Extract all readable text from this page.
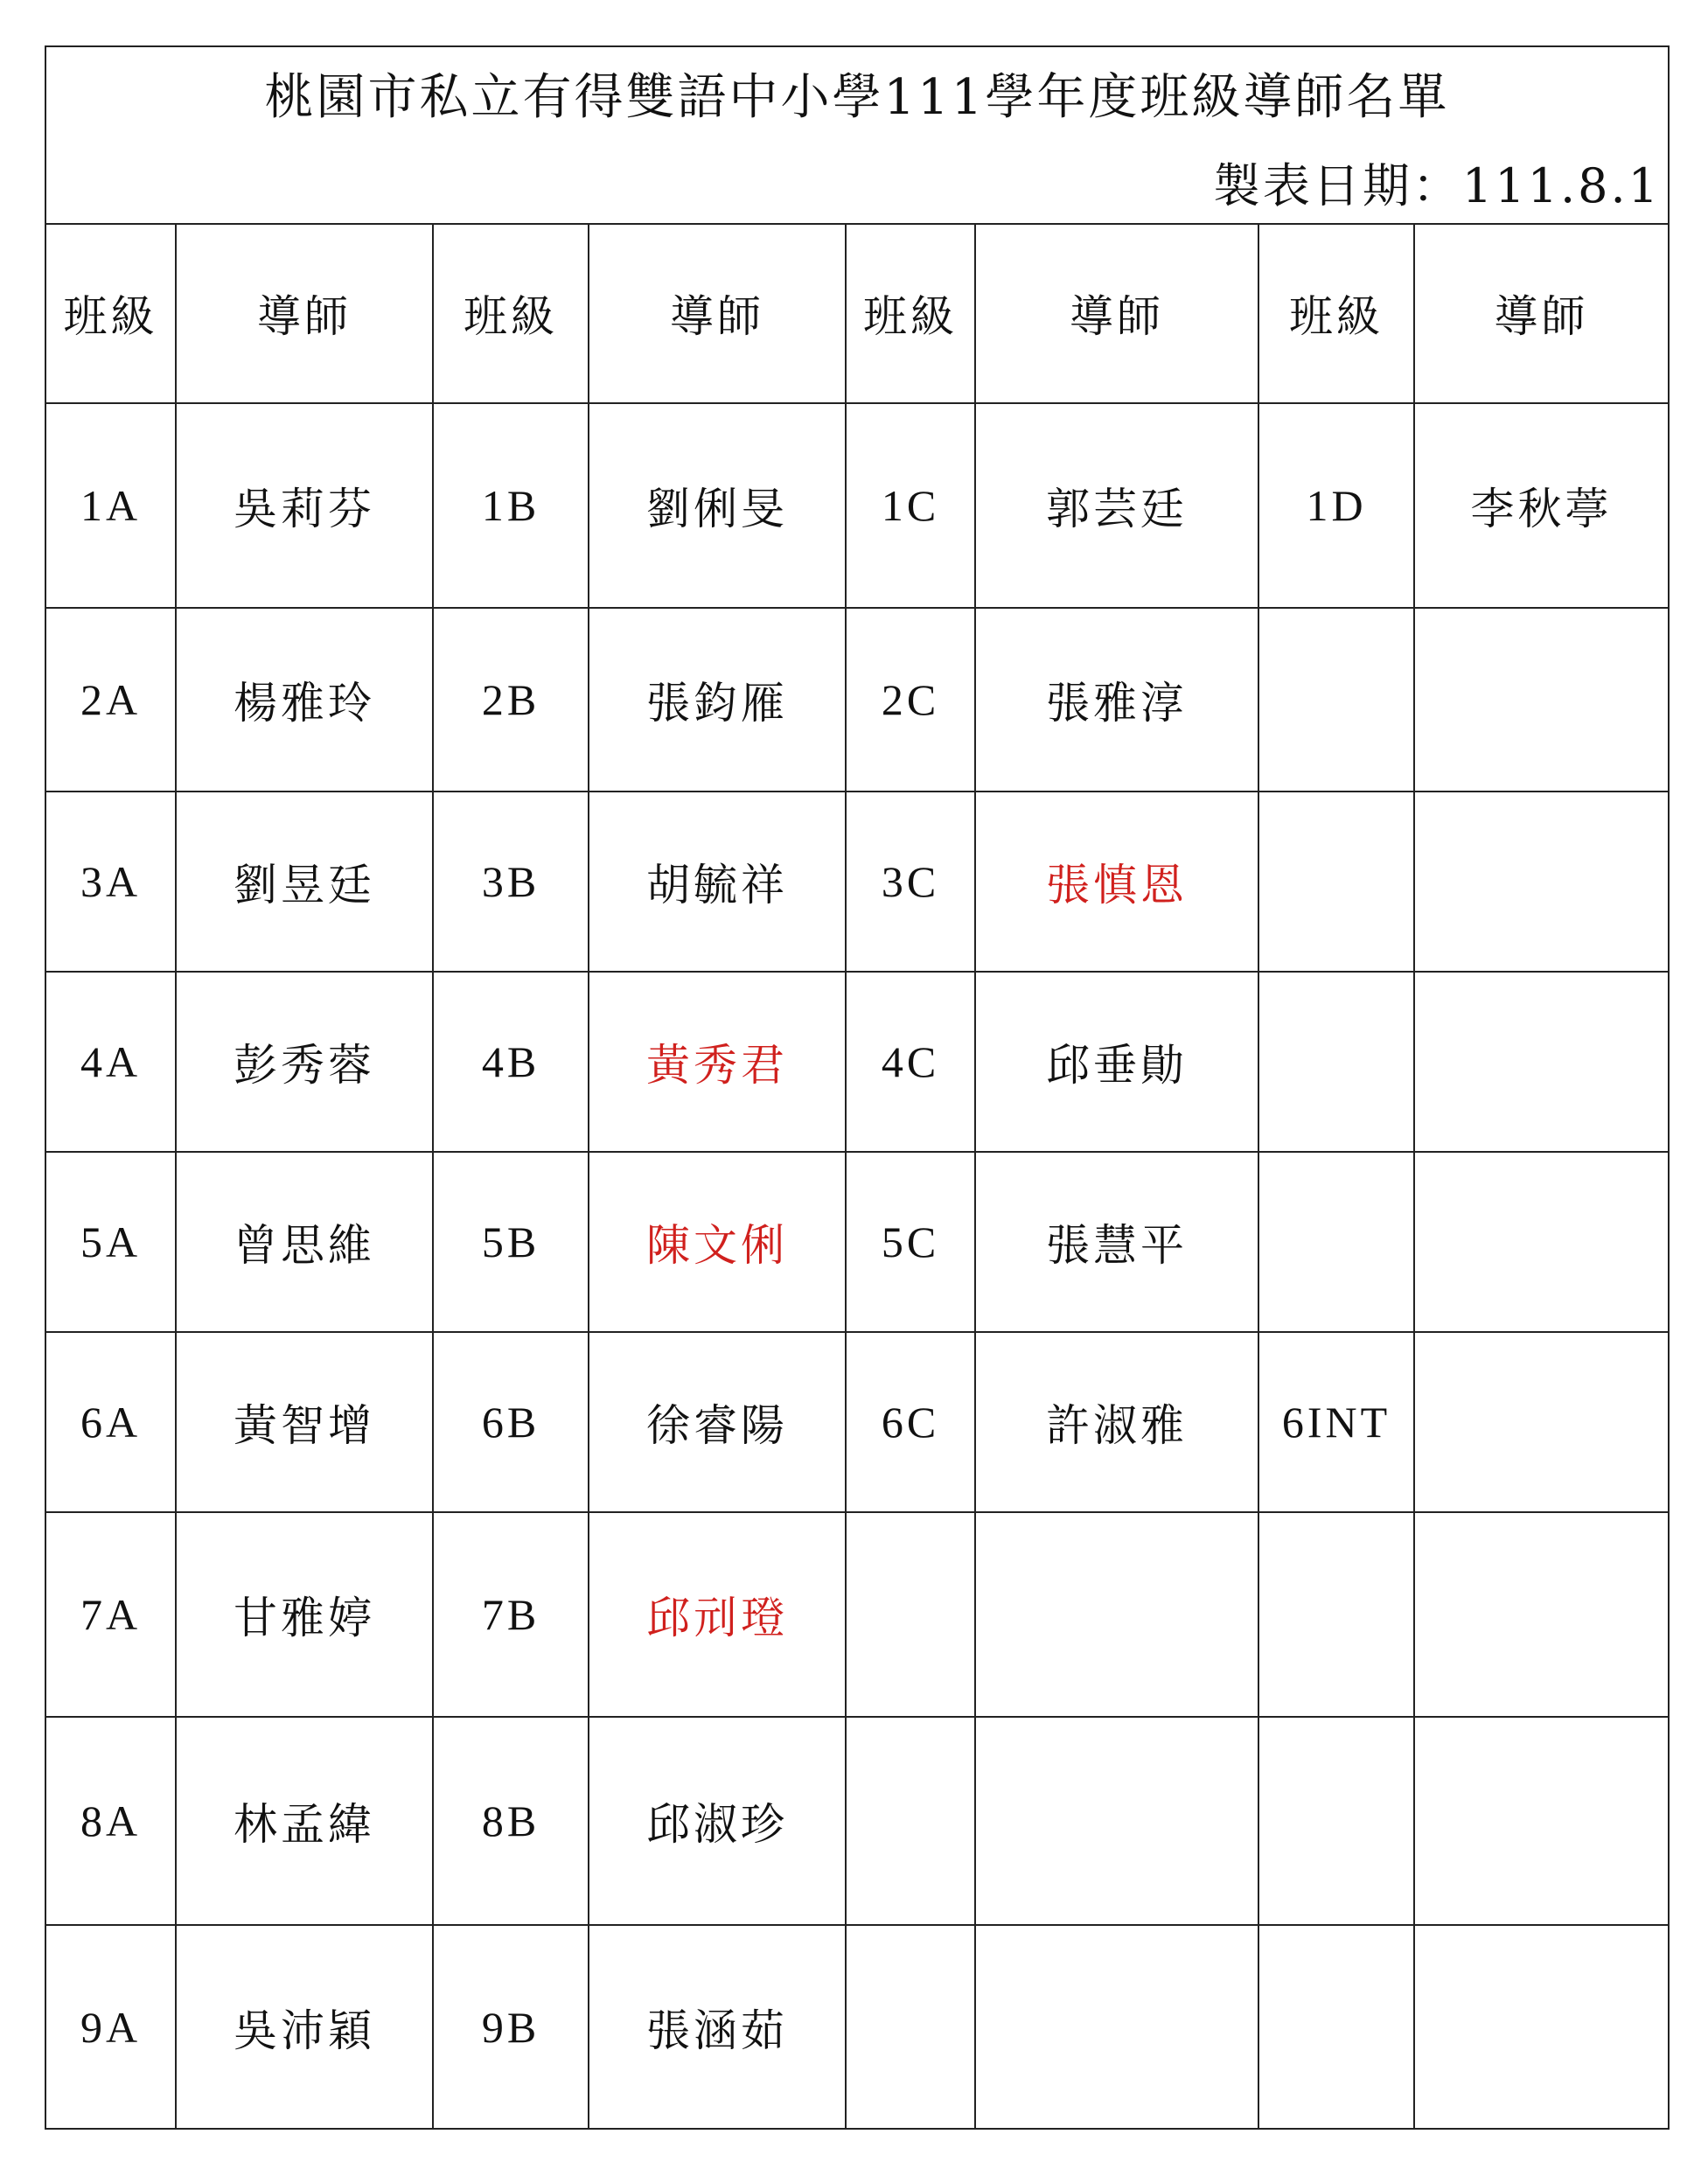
桃園市私立有得雙語中小學111學年度班級導師名單
製表日期：111.8.1
班級	導師	班級	導師	班級	導師	班級	導師
1A	吳莉芬	1B	劉俐旻	1C	郭芸廷	1D	李秋葶
2A	楊雅玲	2B	張鈞雁	2C	張雅淳		
3A	劉昱廷	3B	胡毓祥	3C	張慎恩		
4A	彭秀蓉	4B	黃秀君	4C	邱垂勛		
5A	曾思維	5B	陳文俐	5C	張慧平		
6A	黃智增	6B	徐睿陽	6C	許淑雅	6INT	
7A	甘雅婷	7B	邱刓璒				
8A	林孟緯	8B	邱淑珍				
9A	吳沛穎	9B	張涵茹				
